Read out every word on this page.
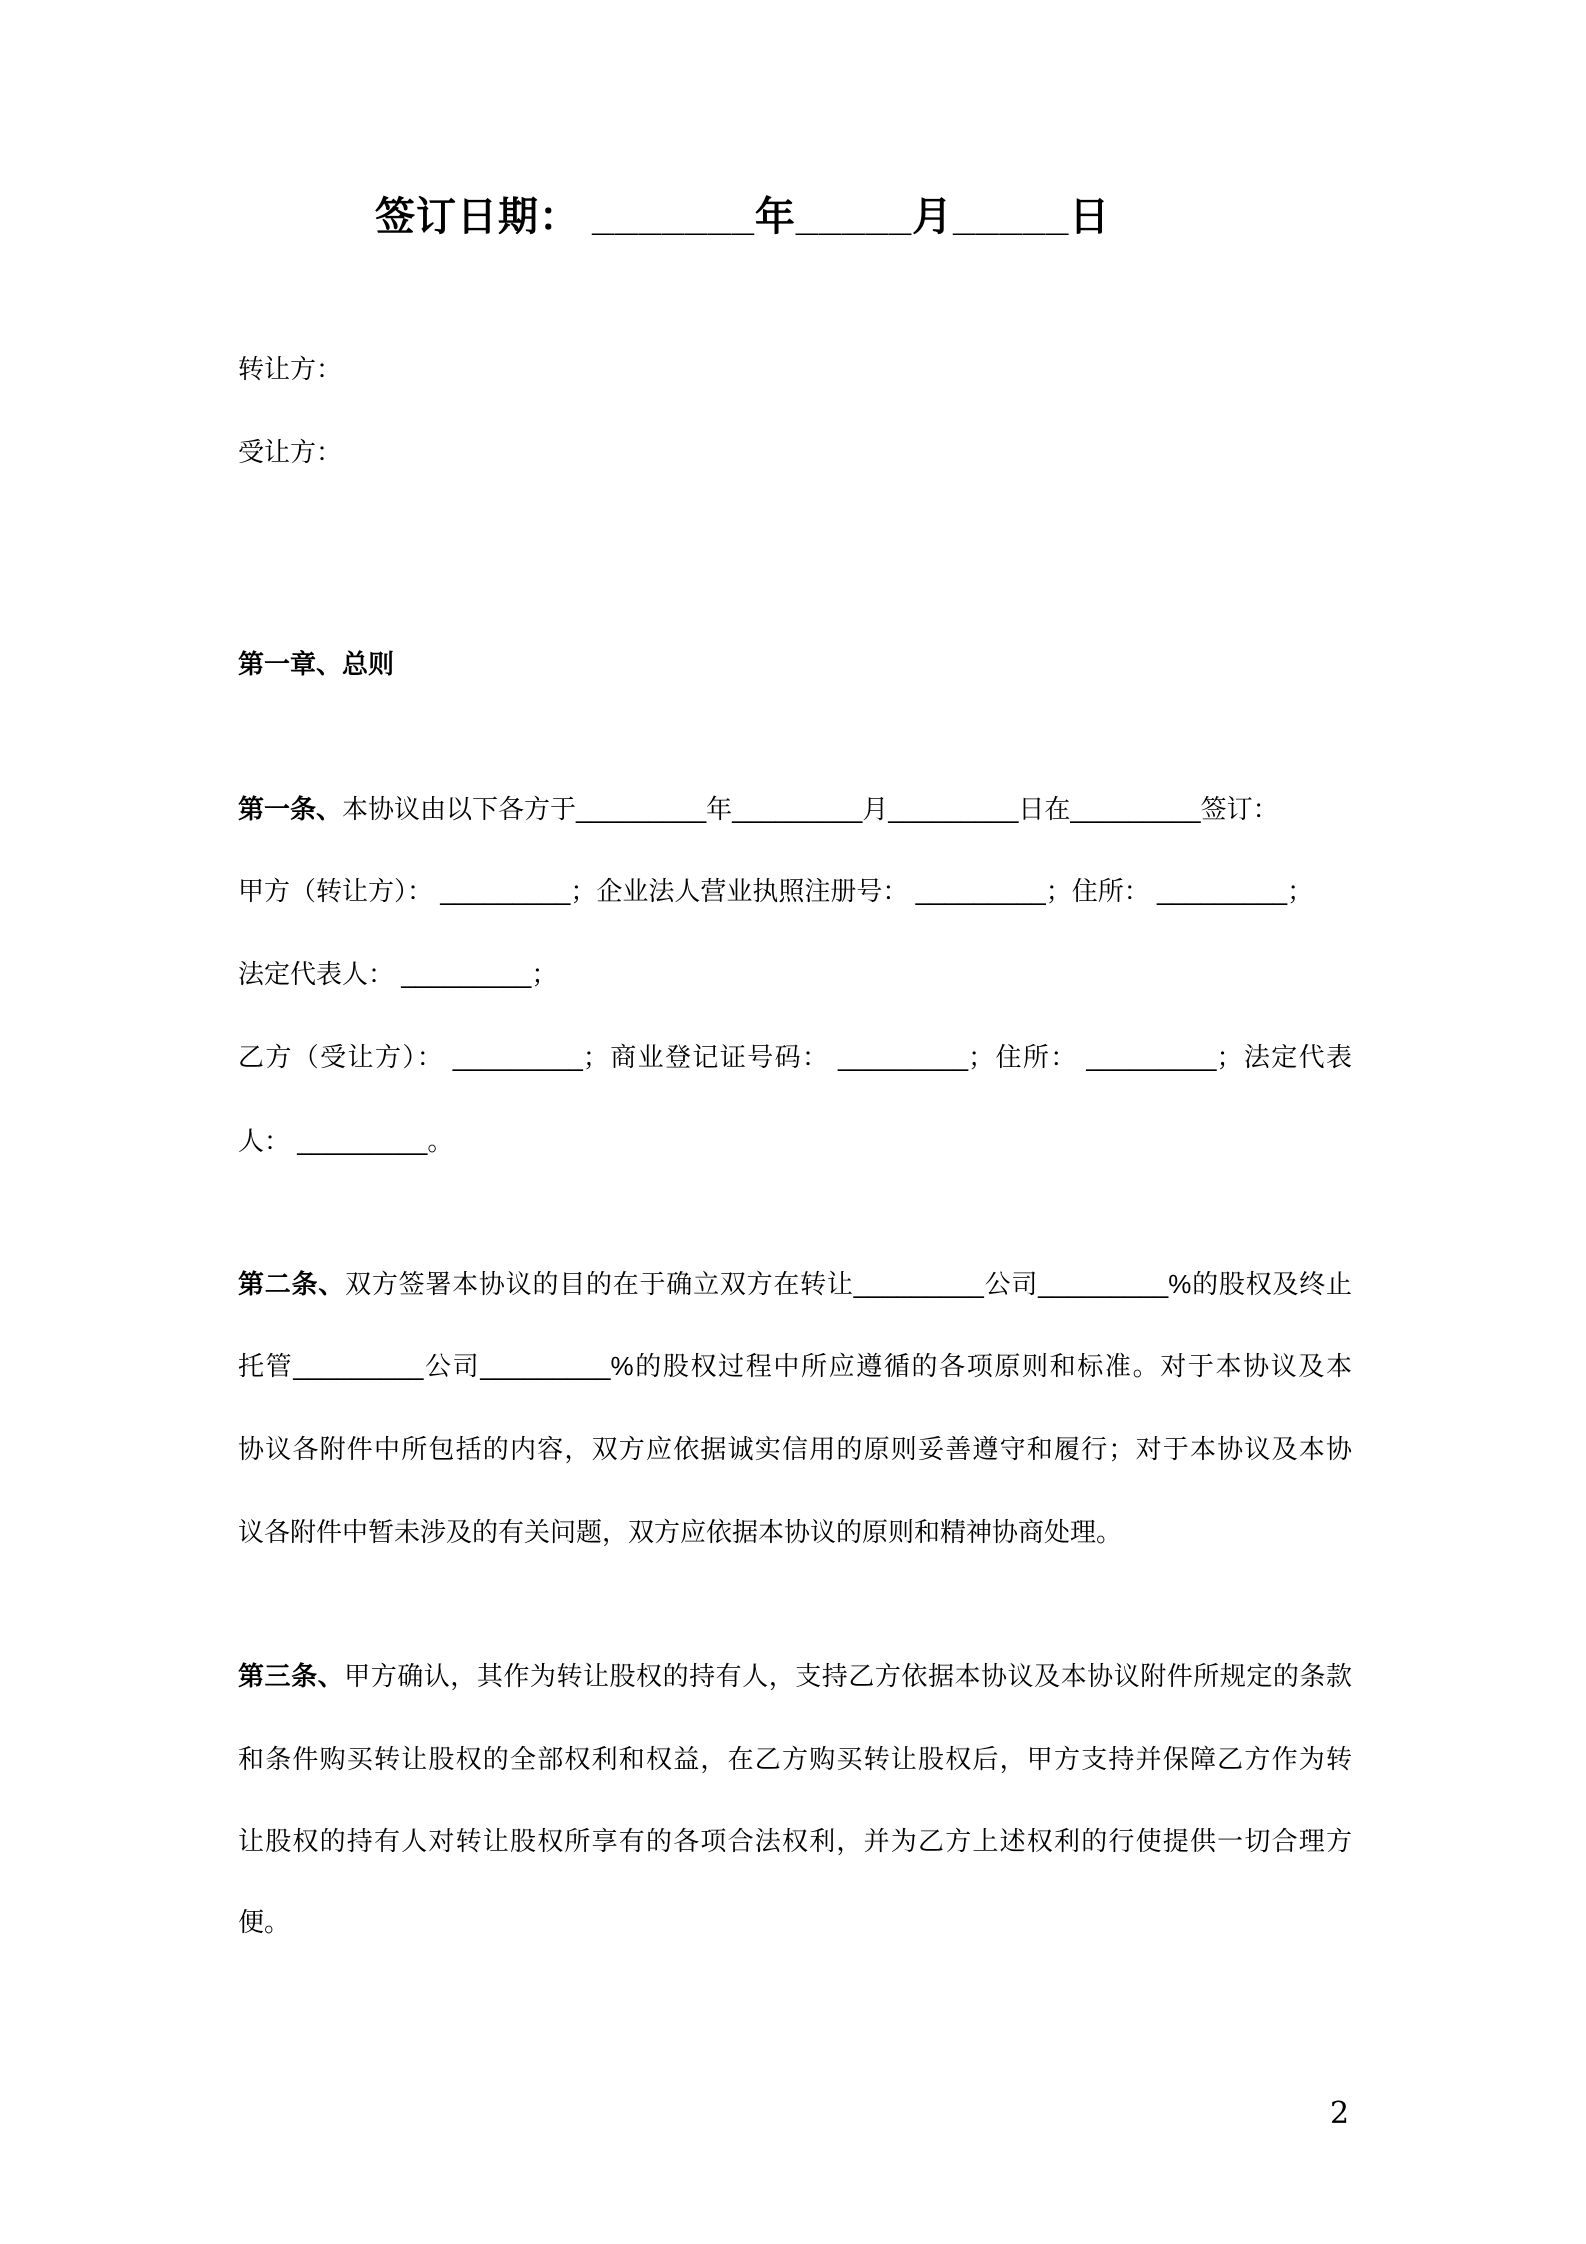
签订日期： _______年_____月_____日
转让方：
受让方：
第一章、总则
第一条、本协议由以下各方于_________年_________月_________日在_________签订：
甲方（转让方）： _________；企业法人营业执照注册号： _________；住所： _________；
法定代表人： _________；
乙方（受让方）： _________；商业登记证号码： _________；住所： _________；法定代表
人： _________。
第二条、双方签署本协议的目的在于确立双方在转让_________公司_________%的股权及终止
托管_________公司_________%的股权过程中所应遵循的各项原则和标准。对于本协议及本
协议各附件中所包括的内容，双方应依据诚实信用的原则妥善遵守和履行；对于本协议及本协
议各附件中暂未涉及的有关问题，双方应依据本协议的原则和精神协商处理。
第三条、甲方确认，其作为转让股权的持有人，支持乙方依据本协议及本协议附件所规定的条款
和条件购买转让股权的全部权利和权益，在乙方购买转让股权后，甲方支持并保障乙方作为转
让股权的持有人对转让股权所享有的各项合法权利，并为乙方上述权利的行使提供一切合理方
便。
2
